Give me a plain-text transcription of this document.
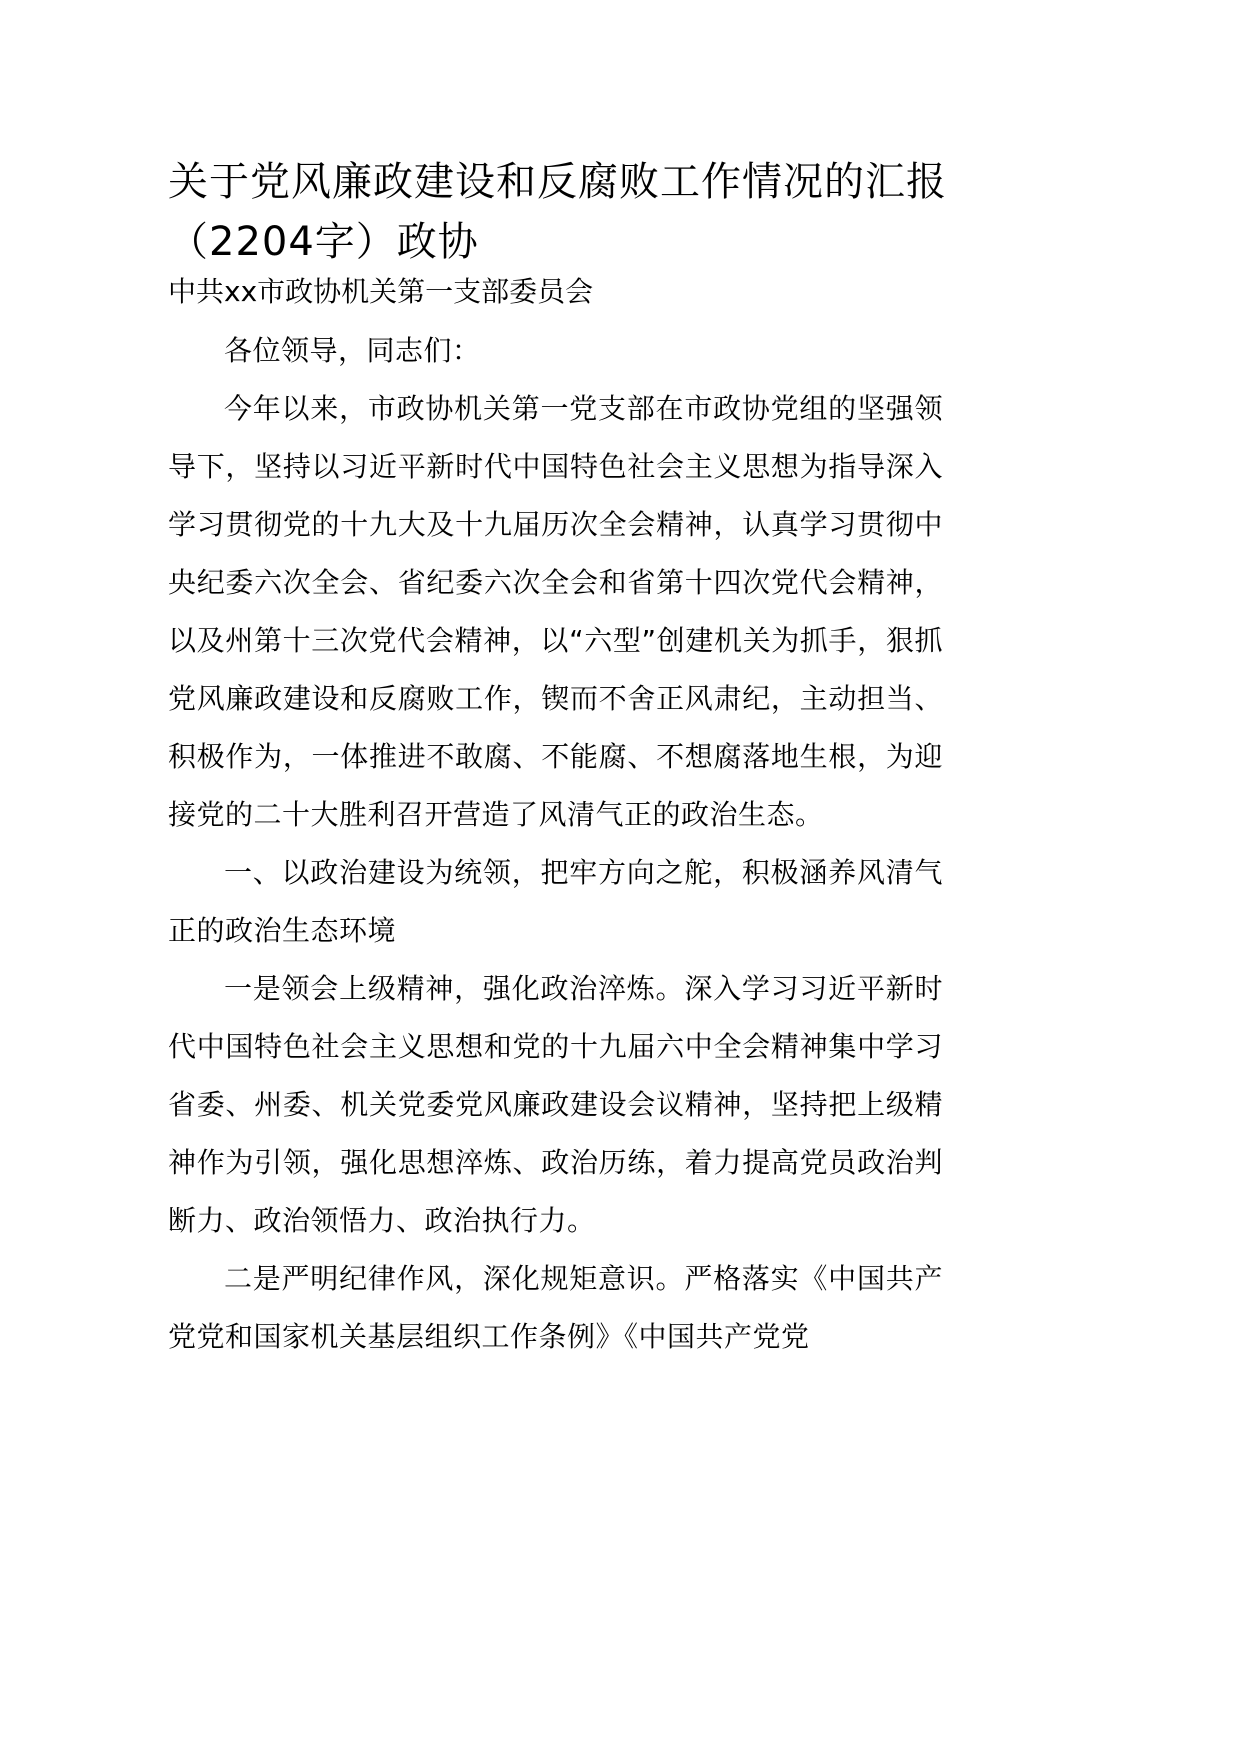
关于党风廉政建设和反腐败工作情况的汇报（2204字）政协
中共xx市政协机关第一支部委员会

各位领导，同志们：

今年以来，市政协机关第一党支部在市政协党组的坚强领导下，坚持以习近平新时代中国特色社会主义思想为指导深入学习贯彻党的十九大及十九届历次全会精神，认真学习贯彻中央纪委六次全会、省纪委六次全会和省第十四次党代会精神，以及州第十三次党代会精神，以“六型”创建机关为抓手，狠抓党风廉政建设和反腐败工作，锲而不舍正风肃纪，主动担当、积极作为，一体推进不敢腐、不能腐、不想腐落地生根，为迎接党的二十大胜利召开营造了风清气正的政治生态。

一、以政治建设为统领，把牢方向之舵，积极涵养风清气正的政治生态环境

一是领会上级精神，强化政治淬炼。深入学习习近平新时代中国特色社会主义思想和党的十九届六中全会精神集中学习省委、州委、机关党委党风廉政建设会议精神，坚持把上级精神作为引领，强化思想淬炼、政治历练，着力提高党员政治判断力、政治领悟力、政治执行力。

二是严明纪律作风，深化规矩意识。严格落实《中国共产党党和国家机关基层组织工作条例》《中国共产党党
